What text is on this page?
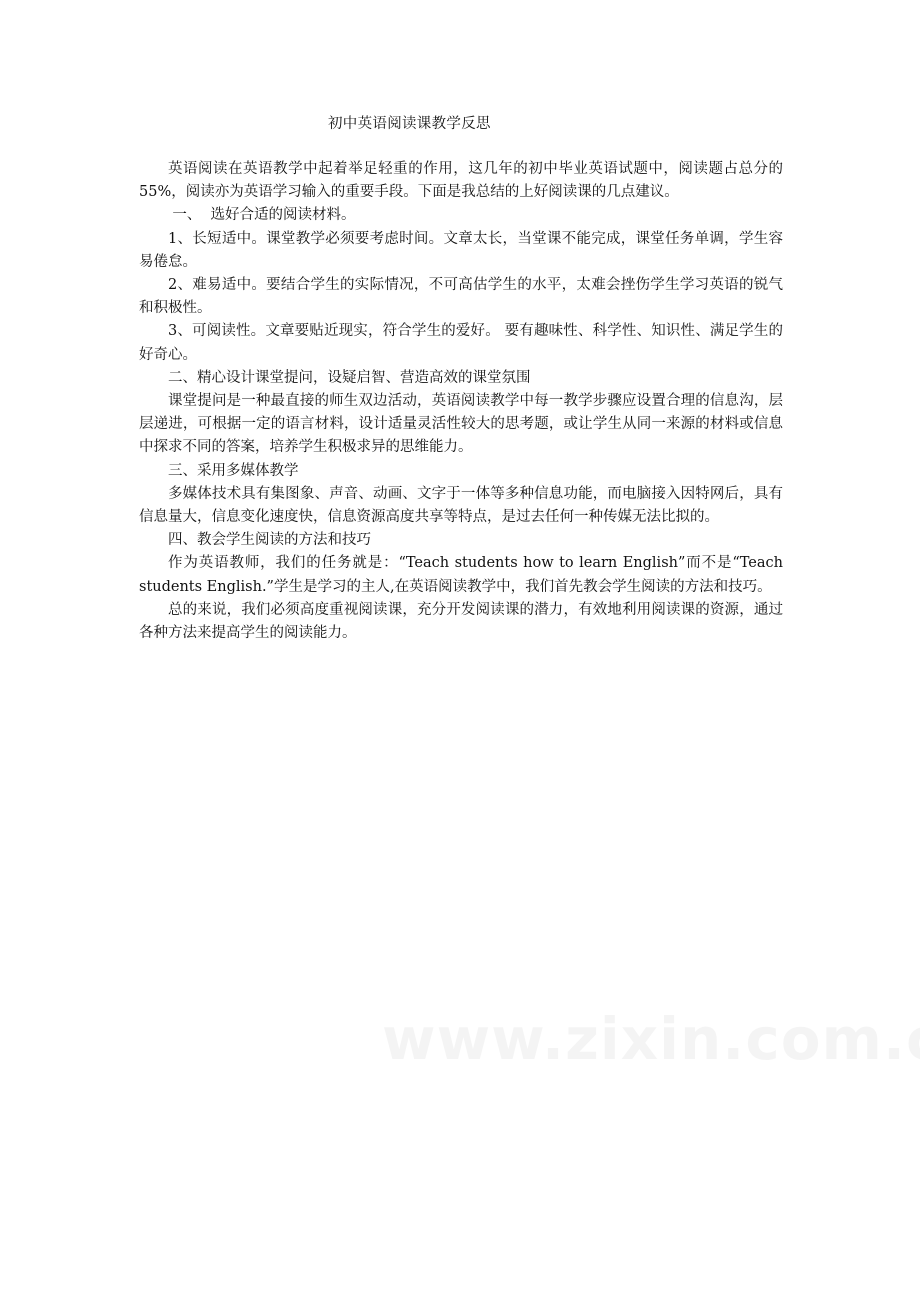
初中英语阅读课教学反思

英语阅读在英语教学中起着举足轻重的作用，这几年的初中毕业英语试题中，阅读题占总分的55%，阅读亦为英语学习输入的重要手段。下面是我总结的上好阅读课的几点建议。

一、  选好合适的阅读材料。

1、长短适中。课堂教学必须要考虑时间。文章太长，当堂课不能完成，课堂任务单调，学生容易倦怠。

2、难易适中。要结合学生的实际情况，不可高估学生的水平，太难会挫伤学生学习英语的锐气和积极性。

3、可阅读性。文章要贴近现实，符合学生的爱好。 要有趣味性、科学性、知识性、满足学生的好奇心。

二、精心设计课堂提问，设疑启智、营造高效的课堂氛围

课堂提问是一种最直接的师生双边活动，英语阅读教学中每一教学步骤应设置合理的信息沟，层层递进，可根据一定的语言材料，设计适量灵活性较大的思考题，或让学生从同一来源的材料或信息中探求不同的答案，培养学生积极求异的思维能力。

三、采用多媒体教学

多媒体技术具有集图象、声音、动画、文字于一体等多种信息功能，而电脑接入因特网后，具有信息量大，信息变化速度快，信息资源高度共享等特点，是过去任何一种传媒无法比拟的。

四、教会学生阅读的方法和技巧

作为英语教师，我们的任务就是：“Teach students how to learn English”而不是“Teach students English.”学生是学习的主人,在英语阅读教学中，我们首先教会学生阅读的方法和技巧。

总的来说，我们必须高度重视阅读课，充分开发阅读课的潜力，有效地利用阅读课的资源，通过各种方法来提高学生的阅读能力。
